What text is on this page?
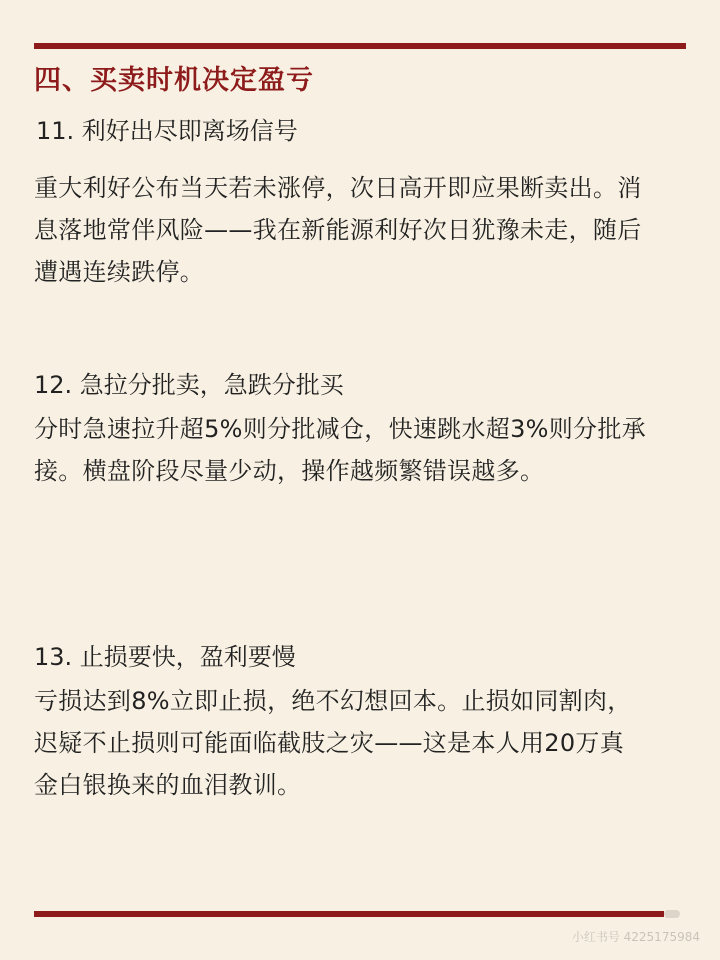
四、买卖时机决定盈亏
11. 利好出尽即离场信号
重大利好公布当天若未涨停，次日高开即应果断卖出。消
息落地常伴风险——我在新能源利好次日犹豫未走，随后
遭遇连续跌停。
12. 急拉分批卖，急跌分批买
分时急速拉升超5%则分批减仓，快速跳水超3%则分批承
接。横盘阶段尽量少动，操作越频繁错误越多。
13. 止损要快，盈利要慢
亏损达到8%立即止损，绝不幻想回本。止损如同割肉，
迟疑不止损则可能面临截肢之灾——这是本人用20万真
金白银换来的血泪教训。
小红书号 4225175984
